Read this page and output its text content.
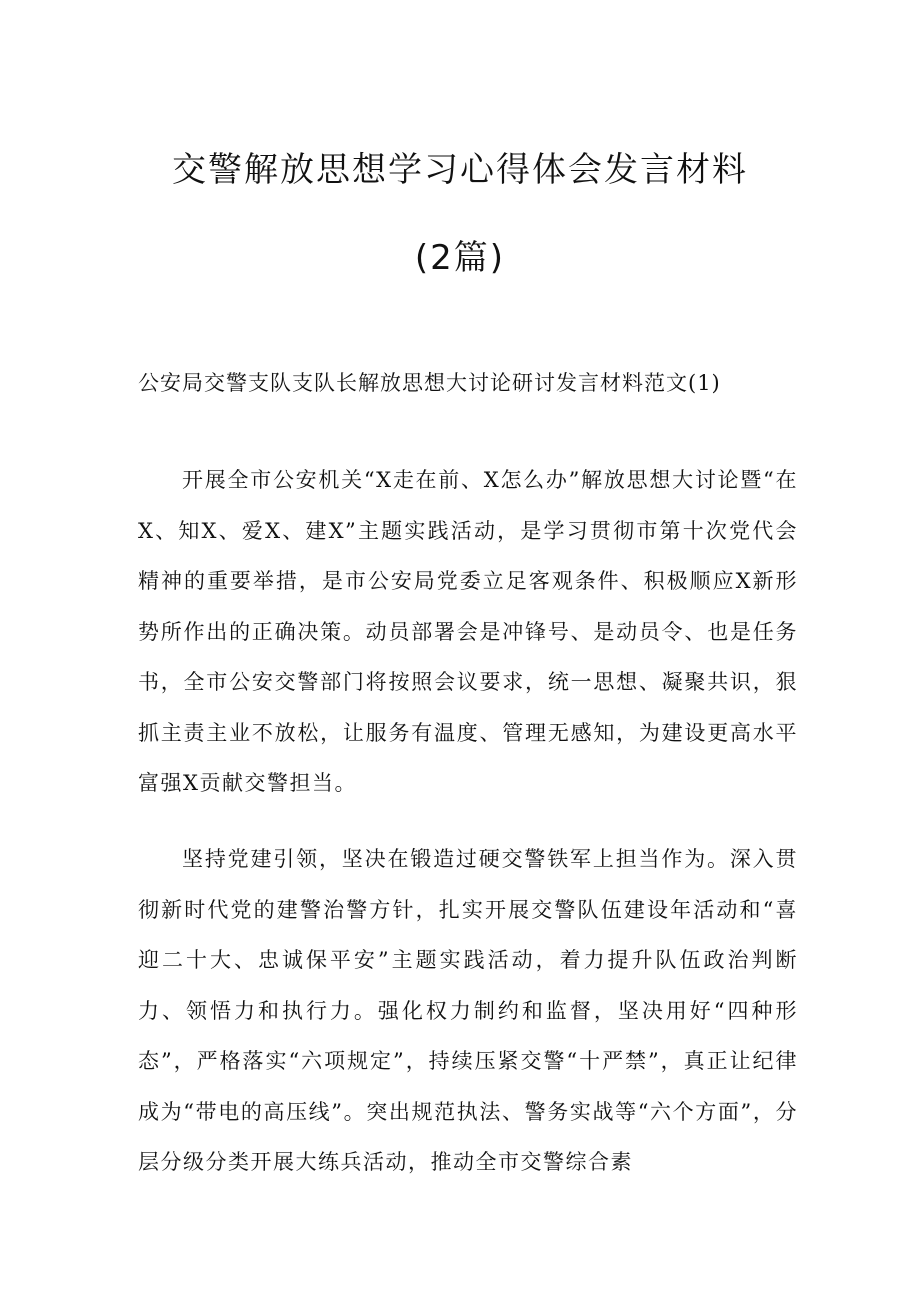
交警解放思想学习心得体会发言材料
(2篇)
公安局交警支队支队长解放思想大讨论研讨发言材料范文(1)
开展全市公安机关“X走在前、X怎么办”解放思想大讨论暨“在X、知X、爱X、建X”主题实践活动，是学习贯彻市第十次党代会精神的重要举措，是市公安局党委立足客观条件、积极顺应X新形势所作出的正确决策。动员部署会是冲锋号、是动员令、也是任务书，全市公安交警部门将按照会议要求，统一思想、凝聚共识，狠抓主责主业不放松，让服务有温度、管理无感知，为建设更高水平富强X贡献交警担当。
坚持党建引领，坚决在锻造过硬交警铁军上担当作为。深入贯彻新时代党的建警治警方针，扎实开展交警队伍建设年活动和“喜迎二十大、忠诚保平安”主题实践活动，着力提升队伍政治判断力、领悟力和执行力。强化权力制约和监督，坚决用好“四种形态”，严格落实“六项规定”，持续压紧交警“十严禁”，真正让纪律成为“带电的高压线”。突出规范执法、警务实战等“六个方面”，分层分级分类开展大练兵活动，推动全市交警综合素
